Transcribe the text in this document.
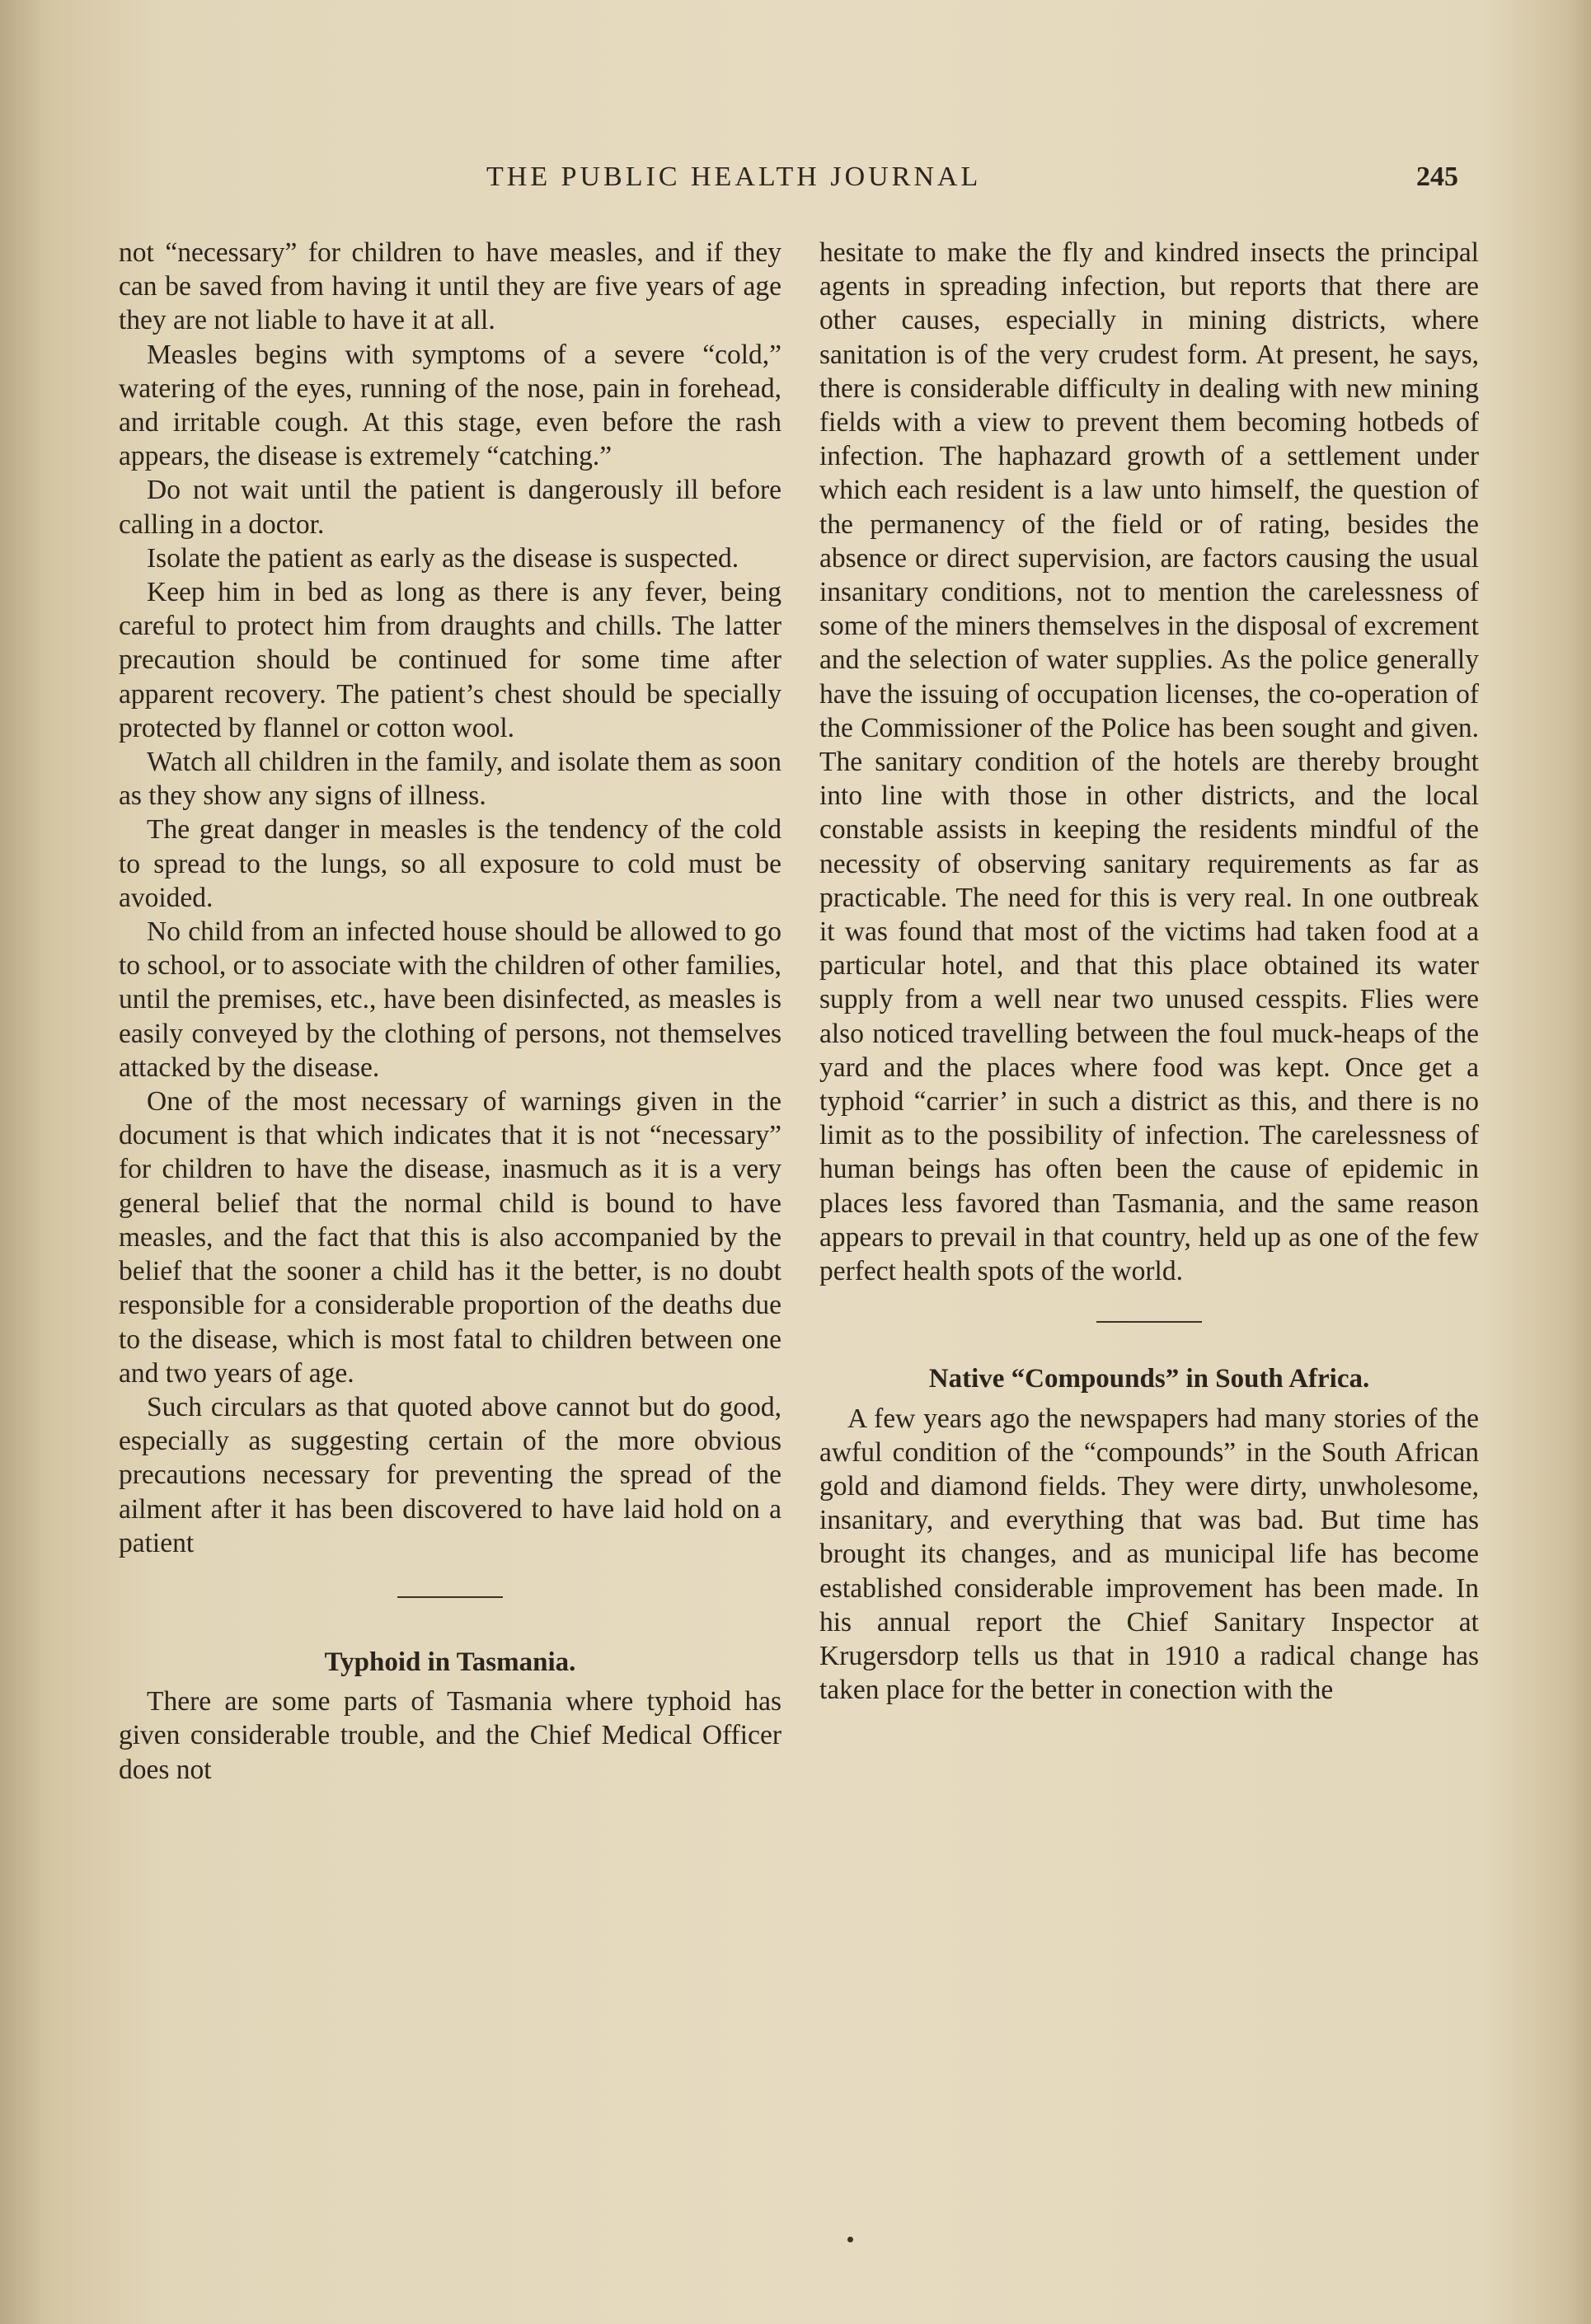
THE PUBLIC HEALTH JOURNAL	245

not “necessary” for children to have measles, and if they can be saved from having it until they are five years of age they are not liable to have it at all.

Measles begins with symptoms of a severe “cold,” watering of the eyes, running of the nose, pain in forehead, and irritable cough. At this stage, even before the rash appears, the disease is extremely “catching.”

Do not wait until the patient is dangerously ill before calling in a doctor.

Isolate the patient as early as the disease is suspected.

Keep him in bed as long as there is any fever, being careful to protect him from draughts and chills. The latter precaution should be continued for some time after apparent recovery. The patient’s chest should be specially protected by flannel or cotton wool.

Watch all children in the family, and isolate them as soon as they show any signs of illness.

The great danger in measles is the tendency of the cold to spread to the lungs, so all exposure to cold must be avoided.

No child from an infected house should be allowed to go to school, or to associate with the children of other families, until the premises, etc., have been disinfected, as measles is easily conveyed by the clothing of persons, not themselves attacked by the disease.

One of the most necessary of warnings given in the document is that which indicates that it is not “necessary” for children to have the disease, inasmuch as it is a very general belief that the normal child is bound to have measles, and the fact that this is also accompanied by the belief that the sooner a child has it the better, is no doubt responsible for a considerable proportion of the deaths due to the disease, which is most fatal to children between one and two years of age.

Such circulars as that quoted above cannot but do good, especially as suggesting certain of the more obvious precautions necessary for preventing the spread of the ailment after it has been discovered to have laid hold on a patient

Typhoid in Tasmania.

There are some parts of Tasmania where typhoid has given considerable trouble, and the Chief Medical Officer does not

hesitate to make the fly and kindred insects the principal agents in spreading infection, but reports that there are other causes, especially in mining districts, where sanitation is of the very crudest form. At present, he says, there is considerable difficulty in dealing with new mining fields with a view to prevent them becoming hotbeds of infection. The haphazard growth of a settlement under which each resident is a law unto himself, the question of the permanency of the field or of rating, besides the absence or direct supervision, are factors causing the usual insanitary conditions, not to mention the carelessness of some of the miners themselves in the disposal of excrement and the selection of water supplies. As the police generally have the issuing of occupation licenses, the co-operation of the Commissioner of the Police has been sought and given. The sanitary condition of the hotels are thereby brought into line with those in other districts, and the local constable assists in keeping the residents mindful of the necessity of observing sanitary requirements as far as practicable. The need for this is very real. In one outbreak it was found that most of the victims had taken food at a particular hotel, and that this place obtained its water supply from a well near two unused cesspits. Flies were also noticed travelling between the foul muck-heaps of the yard and the places where food was kept. Once get a typhoid “carrier’ in such a district as this, and there is no limit as to the possibility of infection. The carelessness of human beings has often been the cause of epidemic in places less favored than Tasmania, and the same reason appears to prevail in that country, held up as one of the few perfect health spots of the world.

Native “Compounds” in South Africa.

A few years ago the newspapers had many stories of the awful condition of the “compounds” in the South African gold and diamond fields. They were dirty, unwholesome, insanitary, and everything that was bad. But time has brought its changes, and as municipal life has become established considerable improvement has been made. In his annual report the Chief Sanitary Inspector at Krugersdorp tells us that in 1910 a radical change has taken place for the better in conection with the
